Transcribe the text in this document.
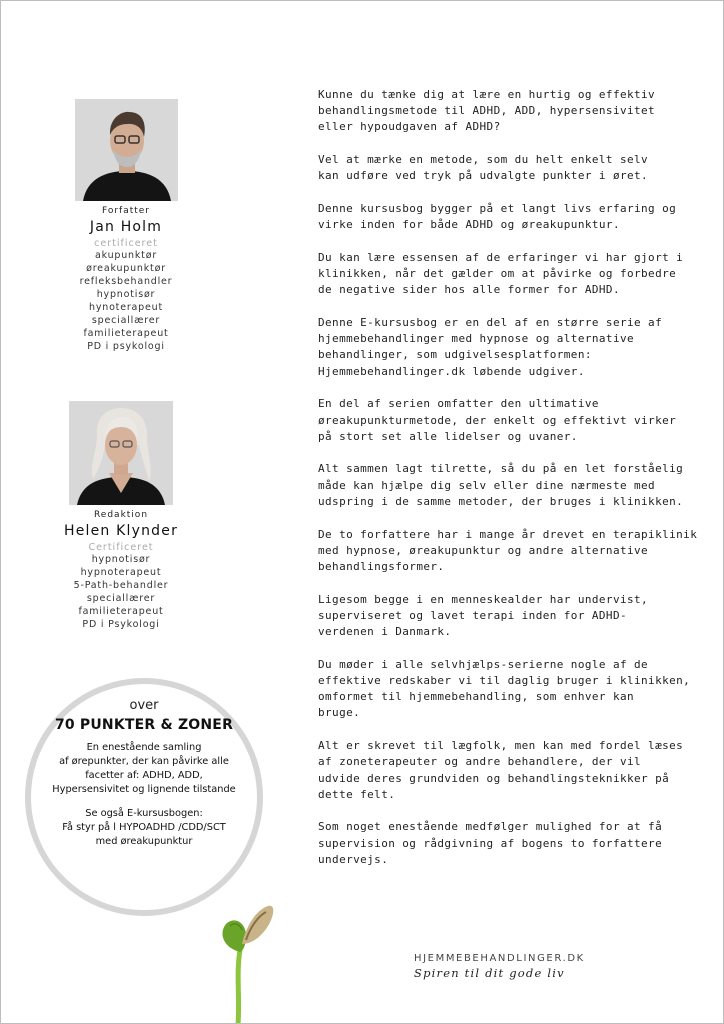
Forfatter
Jan Holm
certificeret
akupunktør
øreakupunktør
refleksbehandler
hypnotisør
hynoterapeut
speciallærer
familieterapeut
PD i psykologi
Redaktion
Helen Klynder
Certificeret
hypnotisør
hypnoterapeut
5-Path-behandler
speciallærer
familieterapeut
PD i Psykologi
over
70 PUNKTER & ZONER
En enestående samling
af ørepunkter, der kan påvirke alle
facetter af: ADHD, ADD,
Hypersensivitet og lignende tilstande
Se også E-kursusbogen:
Få styr på l HYPOADHD /CDD/SCT
med øreakupunktur

Kunne du tænke dig at lære en hurtig og effektiv
behandlingsmetode til ADHD, ADD, hypersensivitet
eller hypoudgaven af ADHD?

Vel at mærke en metode, som du helt enkelt selv
kan udføre ved tryk på udvalgte punkter i øret.

Denne kursusbog bygger på et langt livs erfaring og
virke inden for både ADHD og øreakupunktur.

Du kan lære essensen af de erfaringer vi har gjort i
klinikken, når det gælder om at påvirke og forbedre
de negative sider hos alle former for ADHD.

Denne E-kursusbog er en del af en større serie af
hjemmebehandlinger med hypnose og alternative
behandlinger, som udgivelsesplatformen:
Hjemmebehandlinger.dk løbende udgiver.

En del af serien omfatter den ultimative
øreakupunkturmetode, der enkelt og effektivt virker
på stort set alle lidelser og uvaner.

Alt sammen lagt tilrette, så du på en let forståelig
måde kan hjælpe dig selv eller dine nærmeste med
udspring i de samme metoder, der bruges i klinikken.

De to forfattere har i mange år drevet en terapiklinik
med hypnose, øreakupunktur og andre alternative
behandlingsformer.

Ligesom begge i en menneskealder har undervist,
superviseret og lavet terapi inden for ADHD-
verdenen i Danmark.

Du møder i alle selvhjælps-serierne nogle af de
effektive redskaber vi til daglig bruger i klinikken,
omformet til hjemmebehandling, som enhver kan
bruge.

Alt er skrevet til lægfolk, men kan med fordel læses
af zoneterapeuter og andre behandlere, der vil
udvide deres grundviden og behandlingsteknikker på
dette felt.

Som noget enestående medfølger mulighed for at få
supervision og rådgivning af bogens to forfattere
undervejs.

HJEMMEBEHANDLINGER.DK
Spiren til dit gode liv
